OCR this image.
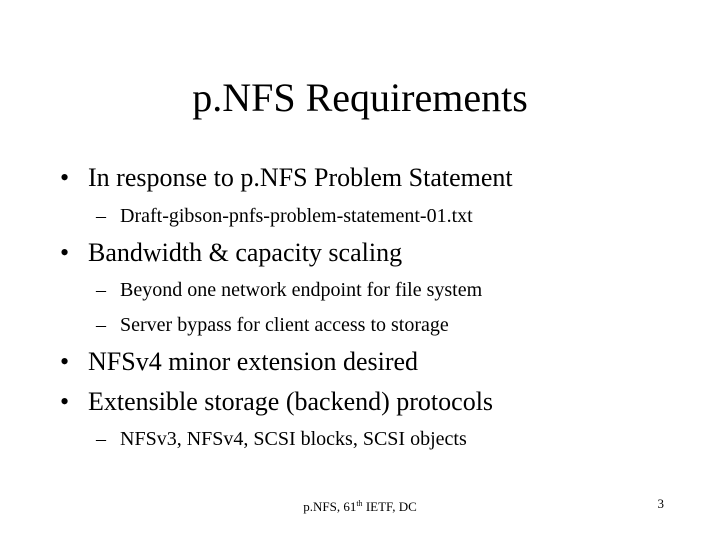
p.NFS Requirements
• In response to p.NFS Problem Statement
– Draft-gibson-pnfs-problem-statement-01.txt
• Bandwidth & capacity scaling
– Beyond one network endpoint for file system
– Server bypass for client access to storage
• NFSv4 minor extension desired
• Extensible storage (backend) protocols
– NFSv3, NFSv4, SCSI blocks, SCSI objects
p.NFS, 61th IETF, DC	3
